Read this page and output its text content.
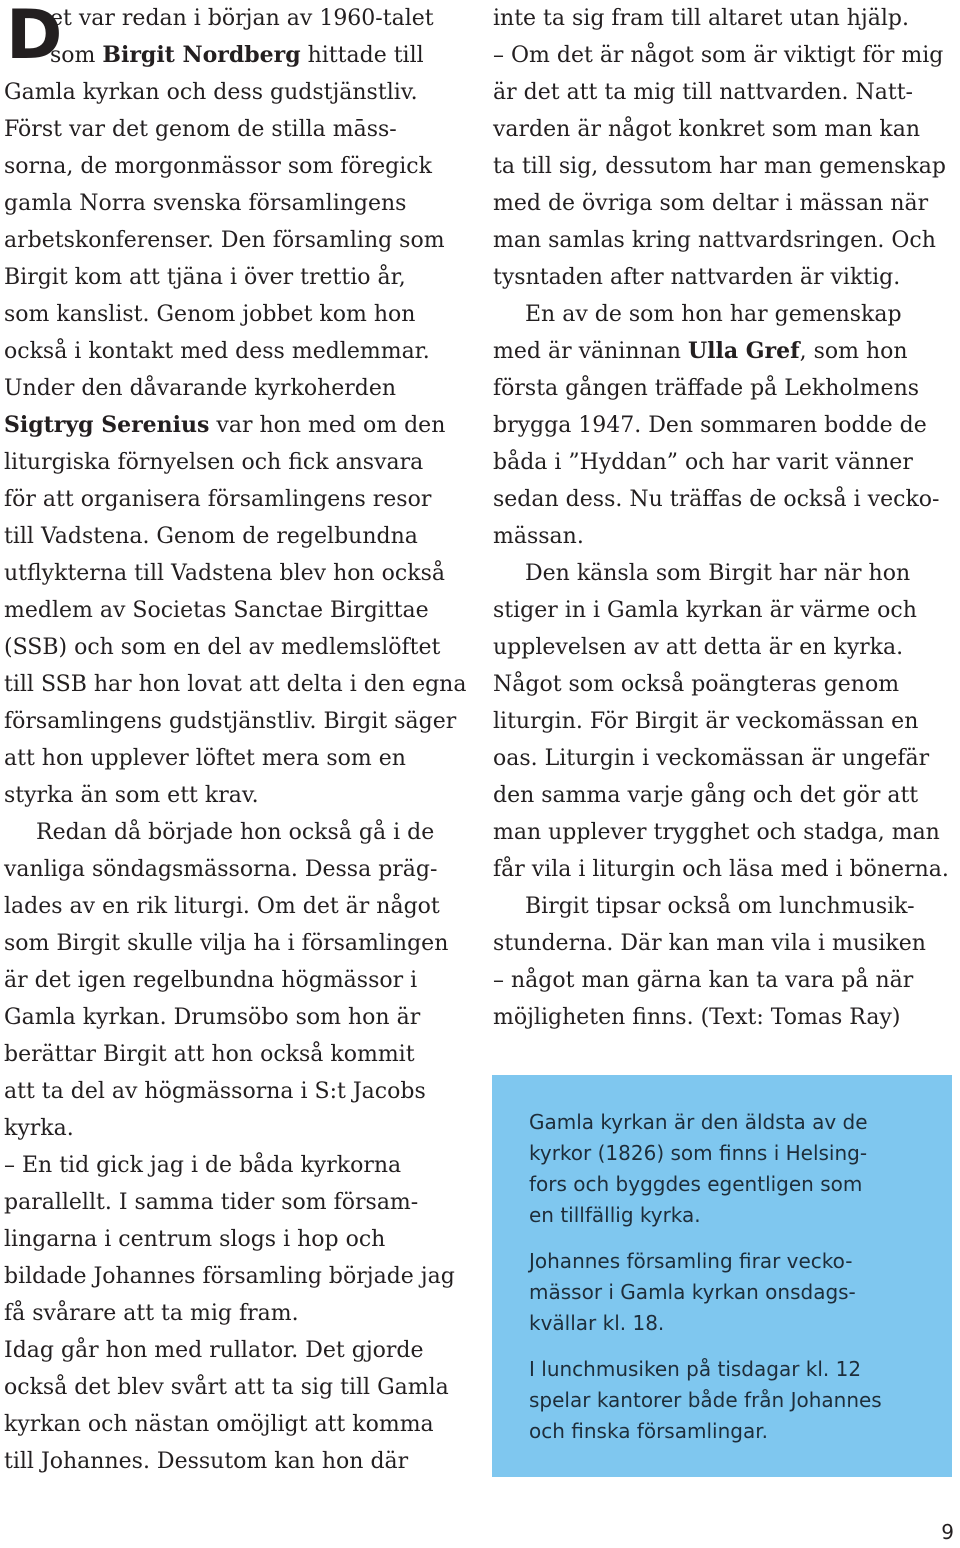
D
et var redan i början av 1960-talet
som Birgit Nordberg hittade till
Gamla kyrkan och dess gudstjänstliv.
Först var det genom de stilla māss-
sorna, de morgonmässor som föregick
gamla Norra svenska församlingens
arbetskonferenser. Den församling som
Birgit kom att tjäna i över trettio år,
som kanslist. Genom jobbet kom hon
också i kontakt med dess medlemmar.
Under den dåvarande kyrkoherden
Sigtryg Serenius var hon med om den
liturgiska förnyelsen och fick ansvara
för att organisera församlingens resor
till Vadstena. Genom de regelbundna
utflykterna till Vadstena blev hon också
medlem av Societas Sanctae Birgittae
(SSB) och som en del av medlemslöftet
till SSB har hon lovat att delta i den egna
församlingens gudstjänstliv. Birgit säger
att hon upplever löftet mera som en
styrka än som ett krav.
Redan då började hon också gå i de
vanliga söndagsmässorna. Dessa präg-
lades av en rik liturgi. Om det är något
som Birgit skulle vilja ha i församlingen
är det igen regelbundna högmässor i
Gamla kyrkan. Drumsöbo som hon är
berättar Birgit att hon också kommit
att ta del av högmässorna i S:t Jacobs
kyrka.
– En tid gick jag i de båda kyrkorna
parallellt. I samma tider som försam-
lingarna i centrum slogs i hop och
bildade Johannes församling började jag
få svårare att ta mig fram.
Idag går hon med rullator. Det gjorde
också det blev svårt att ta sig till Gamla
kyrkan och nästan omöjligt att komma
till Johannes. Dessutom kan hon där
inte ta sig fram till altaret utan hjälp.
– Om det är något som är viktigt för mig
är det att ta mig till nattvarden. Natt-
varden är något konkret som man kan
ta till sig, dessutom har man gemenskap
med de övriga som deltar i mässan när
man samlas kring nattvardsringen. Och
tysntaden after nattvarden är viktig.
En av de som hon har gemenskap
med är väninnan Ulla Gref, som hon
första gången träffade på Lekholmens
brygga 1947. Den sommaren bodde de
båda i ”Hyddan” och har varit vänner
sedan dess. Nu träffas de också i vecko-
mässan.
Den känsla som Birgit har när hon
stiger in i Gamla kyrkan är värme och
upplevelsen av att detta är en kyrka.
Något som också poängteras genom
liturgin. För Birgit är veckomässan en
oas. Liturgin i veckomässan är ungefär
den samma varje gång och det gör att
man upplever trygghet och stadga, man
får vila i liturgin och läsa med i bönerna.
Birgit tipsar också om lunchmusik-
stunderna. Där kan man vila i musiken
– något man gärna kan ta vara på när
möjligheten finns. (Text: Tomas Ray)

Gamla kyrkan är den äldsta av de
kyrkor (1826) som finns i Helsing-
fors och byggdes egentligen som
en tillfällig kyrka.

Johannes församling firar vecko-
mässor i Gamla kyrkan onsdags-
kvällar kl. 18.

I lunchmusiken på tisdagar kl. 12
spelar kantorer både från Johannes
och finska församlingar.

9
